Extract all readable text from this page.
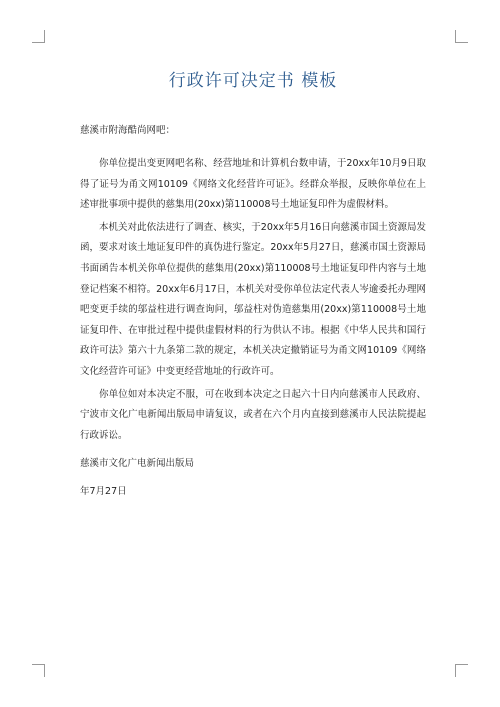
行政许可决定书 模板

慈溪市附海酷尚网吧：

你单位提出变更网吧名称、经营地址和计算机台数申请，于20xx年10月9日取得了证号为甬文网10109《网络文化经营许可证》。经群众举报，反映你单位在上述审批事项中提供的慈集用(20xx)第110008号土地证复印件为虚假材料。

本机关对此依法进行了调查、核实，于20xx年5月16日向慈溪市国土资源局发函，要求对该土地证复印件的真伪进行鉴定。20xx年5月27日，慈溪市国土资源局书面函告本机关你单位提供的慈集用(20xx)第110008号土地证复印件内容与土地登记档案不相符。20xx年6月17日，本机关对受你单位法定代表人岑逾委托办理网吧变更手续的邬益柱进行调查询问，邬益柱对伪造慈集用(20xx)第110008号土地证复印件、在审批过程中提供虚假材料的行为供认不讳。根据《中华人民共和国行政许可法》第六十九条第二款的规定，本机关决定撤销证号为甬文网10109《网络文化经营许可证》中变更经营地址的行政许可。

你单位如对本决定不服，可在收到本决定之日起六十日内向慈溪市人民政府、宁波市文化广电新闻出版局申请复议，或者在六个月内直接到慈溪市人民法院提起行政诉讼。

慈溪市文化广电新闻出版局

年7月27日
